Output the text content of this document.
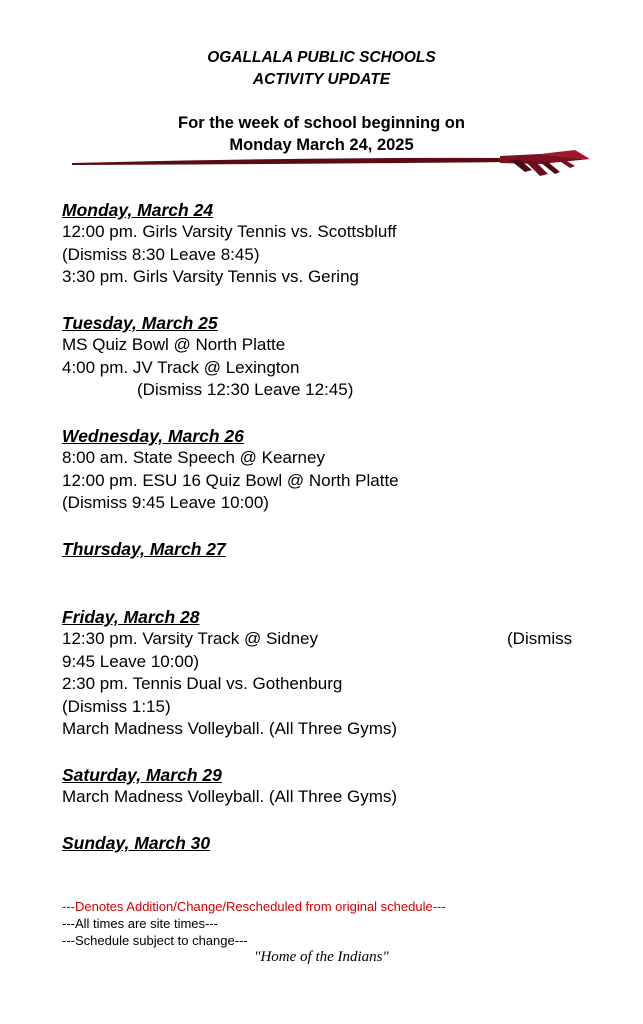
OGALLALA PUBLIC SCHOOLS
ACTIVITY UPDATE
For the week of school beginning on
Monday March 24, 2025
Monday, March 24
12:00 pm. Girls Varsity Tennis vs. Scottsbluff
(Dismiss 8:30 Leave 8:45)
3:30 pm. Girls Varsity Tennis vs. Gering
Tuesday, March 25
MS Quiz Bowl @ North Platte
4:00 pm. JV Track @ Lexington
(Dismiss 12:30 Leave 12:45)
Wednesday, March 26
8:00 am. State Speech @ Kearney
12:00 pm. ESU 16 Quiz Bowl @ North Platte
(Dismiss 9:45 Leave 10:00)
Thursday, March 27
Friday, March 28
12:30 pm. Varsity Track @ Sidney	(Dismiss
9:45 Leave 10:00)
2:30 pm. Tennis Dual vs. Gothenburg
(Dismiss 1:15)
March Madness Volleyball. (All Three Gyms)
Saturday, March 29
March Madness Volleyball. (All Three Gyms)
Sunday, March 30
---Denotes Addition/Change/Rescheduled from original schedule---
---All times are site times---
---Schedule subject to change---
"Home of the Indians"
